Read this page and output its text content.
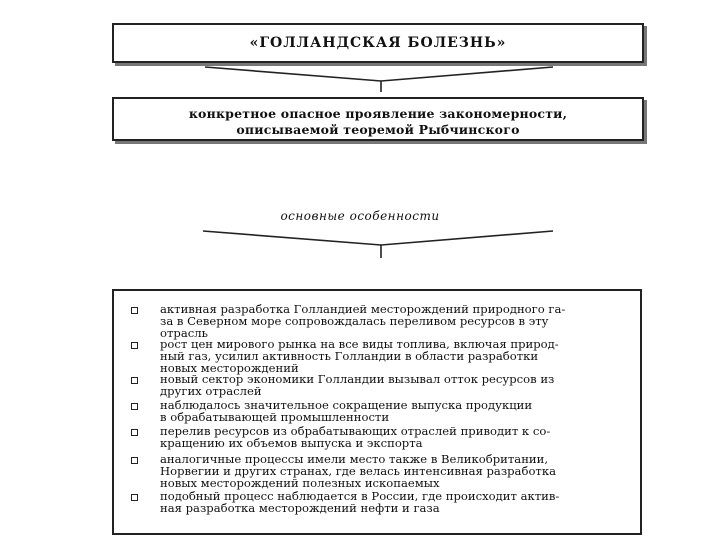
«ГОЛЛАНДСКАЯ БОЛЕЗНЬ»
конкретное опасное проявление закономерности,
описываемой теоремой Рыбчинского
основные особенности
активная разработка Голландией месторождений природного га-
за в Северном море сопровождалась переливом ресурсов в эту
отрасль
рост цен мирового рынка на все виды топлива, включая природ-
ный газ, усилил активность Голландии в области разработки
новых месторождений
новый сектор экономики Голландии вызывал отток ресурсов из
других отраслей
наблюдалось значительное сокращение выпуска продукции
в обрабатывающей промышленности
перелив ресурсов из обрабатывающих отраслей приводит к со-
кращению их объемов выпуска и экспорта
аналогичные процессы имели место также в Великобритании,
Норвегии и других странах, где велась интенсивная разработка
новых месторождений полезных ископаемых
подобный процесс наблюдается в России, где происходит актив-
ная разработка месторождений нефти и газа
